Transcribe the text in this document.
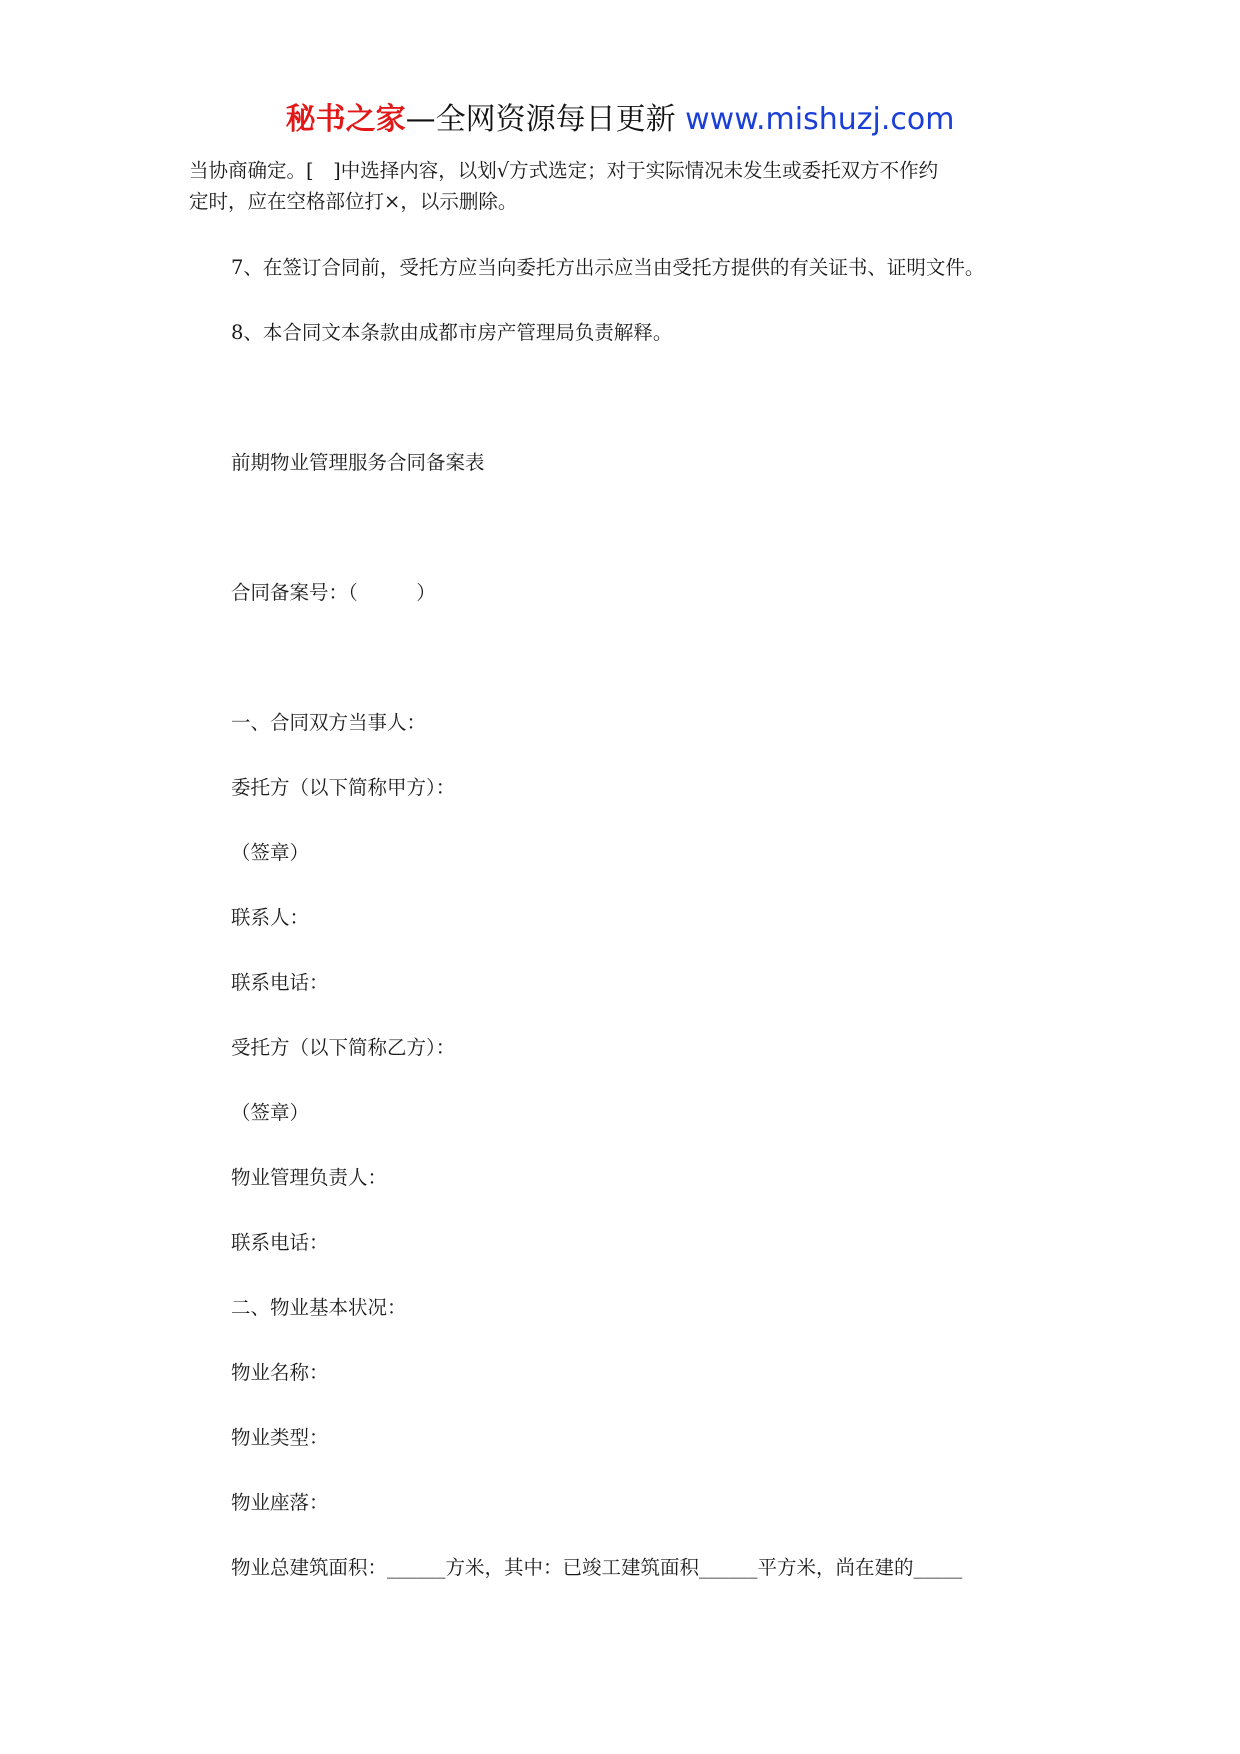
秘书之家—全网资源每日更新 www.mishuzj.com
当协商确定。[　]中选择内容，以划√方式选定；对于实际情况未发生或委托双方不作约
定时，应在空格部位打×，以示删除。
7、在签订合同前，受托方应当向委托方出示应当由受托方提供的有关证书、证明文件。
8、本合同文本条款由成都市房产管理局负责解释。
前期物业管理服务合同备案表
合同备案号：（　　　）
一、合同双方当事人：
委托方（以下简称甲方）：
（签章）
联系人：
联系电话：
受托方（以下简称乙方）：
（签章）
物业管理负责人：
联系电话：
二、物业基本状况：
物业名称：
物业类型：
物业座落：
物业总建筑面积：______方米，其中：已竣工建筑面积______平方米，尚在建的_____
